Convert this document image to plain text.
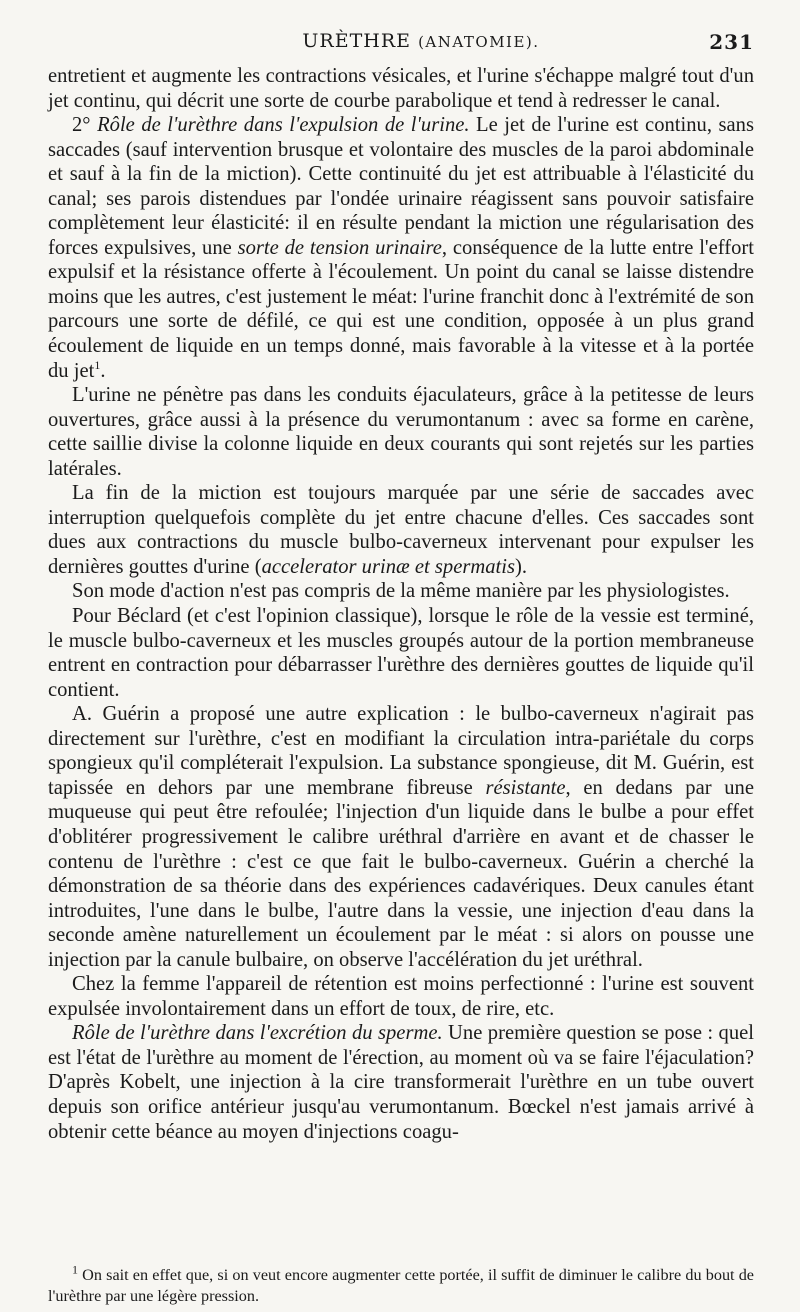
URÈTHRE (ANATOMIE).	231

entretient et augmente les contractions vésicales, et l'urine s'échappe malgré tout d'un jet continu, qui décrit une sorte de courbe parabolique et tend à redresser le canal.

2° Rôle de l'urèthre dans l'expulsion de l'urine. Le jet de l'urine est continu, sans saccades (sauf intervention brusque et volontaire des muscles de la paroi abdominale et sauf à la fin de la miction). Cette continuité du jet est attribuable à l'élasticité du canal; ses parois distendues par l'ondée urinaire réagissent sans pouvoir satisfaire complètement leur élasticité: il en résulte pendant la miction une régularisation des forces expulsives, une sorte de tension urinaire, conséquence de la lutte entre l'effort expulsif et la résistance offerte à l'écoulement. Un point du canal se laisse distendre moins que les autres, c'est justement le méat: l'urine franchit donc à l'extrémité de son parcours une sorte de défilé, ce qui est une condition, opposée à un plus grand écoulement de liquide en un temps donné, mais favorable à la vitesse et à la portée du jet$^1$.

L'urine ne pénètre pas dans les conduits éjaculateurs, grâce à la petitesse de leurs ouvertures, grâce aussi à la présence du verumontanum : avec sa forme en carène, cette saillie divise la colonne liquide en deux courants qui sont rejetés sur les parties latérales.

La fin de la miction est toujours marquée par une série de saccades avec interruption quelquefois complète du jet entre chacune d'elles. Ces saccades sont dues aux contractions du muscle bulbo-caverneux intervenant pour expulser les dernières gouttes d'urine (accelerator urinæ et spermatis).

Son mode d'action n'est pas compris de la même manière par les physiologistes.

Pour Béclard (et c'est l'opinion classique), lorsque le rôle de la vessie est terminé, le muscle bulbo-caverneux et les muscles groupés autour de la portion membraneuse entrent en contraction pour débarrasser l'urèthre des dernières gouttes de liquide qu'il contient.

A. Guérin a proposé une autre explication : le bulbo-caverneux n'agirait pas directement sur l'urèthre, c'est en modifiant la circulation intra-pariétale du corps spongieux qu'il compléterait l'expulsion. La substance spongieuse, dit M. Guérin, est tapissée en dehors par une membrane fibreuse résistante, en dedans par une muqueuse qui peut être refoulée; l'injection d'un liquide dans le bulbe a pour effet d'oblitérer progressivement le calibre uréthral d'arrière en avant et de chasser le contenu de l'urèthre : c'est ce que fait le bulbo-caverneux. Guérin a cherché la démonstration de sa théorie dans des expériences cadavériques. Deux canules étant introduites, l'une dans le bulbe, l'autre dans la vessie, une injection d'eau dans la seconde amène naturellement un écoulement par le méat : si alors on pousse une injection par la canule bulbaire, on observe l'accélération du jet uréthral.

Chez la femme l'appareil de rétention est moins perfectionné : l'urine est souvent expulsée involontairement dans un effort de toux, de rire, etc.

Rôle de l'urèthre dans l'excrétion du sperme. Une première question se pose : quel est l'état de l'urèthre au moment de l'érection, au moment où va se faire l'éjaculation? D'après Kobelt, une injection à la cire transformerait l'urèthre en un tube ouvert depuis son orifice antérieur jusqu'au verumontanum. Bœckel n'est jamais arrivé à obtenir cette béance au moyen d'injections coagu-

$^1$ On sait en effet que, si on veut encore augmenter cette portée, il suffit de diminuer le calibre du bout de l'urèthre par une légère pression.
